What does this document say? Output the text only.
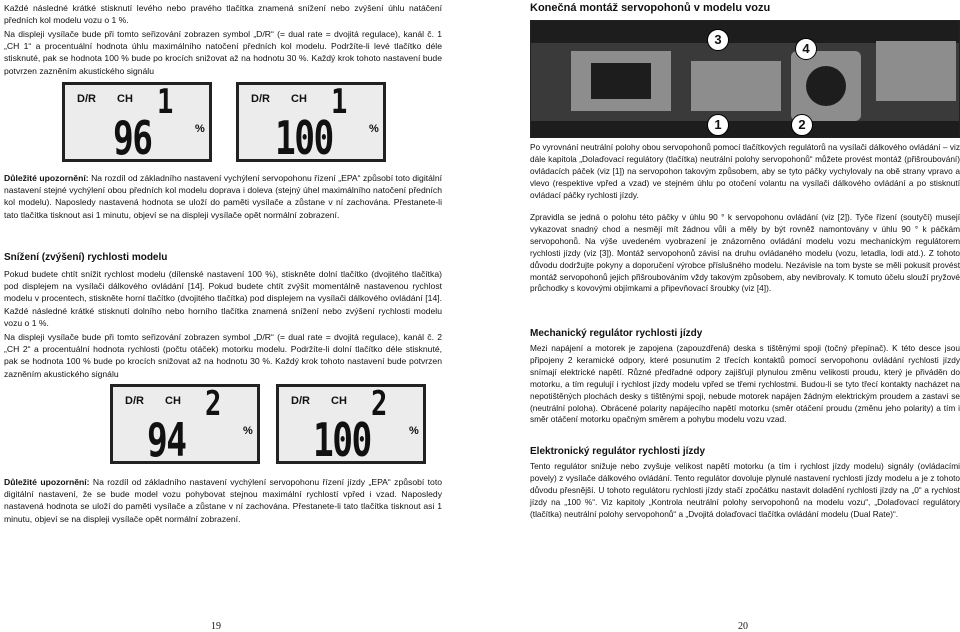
Každé následné krátké stisknutí levého nebo pravého tlačítka znamená snížení nebo zvýšení úhlu natáčení předních kol modelu vozu o 1 %.

Na displeji vysílače bude při tomto seřizování zobrazen symbol „D/R“ (= dual rate = dvojitá regulace), kanál č. 1 „CH 1“ a procentuální hodnota úhlu maximálního natočení předních kol modelu. Podržíte-li levé tlačítko déle stisknuté, pak se hodnota 100 % bude po krocích snižovat až na hodnotu 30 %. Každý krok tohoto nastavení bude potvrzen zazněním akustického signálu

D/R CH 1
96	%
D/R CH 1
100	%

Důležité upozornění: Na rozdíl od základního nastavení vychýlení servopohonu řízení „EPA“ způsobí toto digitální nastavení stejné vychýlení obou předních kol modelu doprava i doleva (stejný úhel maximálního natočení předních kol modelu). Naposledy nastavená hodnota se uloží do paměti vysílače a zůstane v ní zachována. Přestanete-li tato tlačítka tisknout asi 1 minutu, objeví se na displeji vysílače opět normální zobrazení.

Snížení (zvýšení) rychlosti modelu

Pokud budete chtít snížit rychlost modelu (dílenské nastavení 100 %), stiskněte dolní tlačítko (dvojitého tlačítka) pod displejem na vysílači dálkového ovládání [14]. Pokud budete chtít zvýšit momentálně nastavenou rychlost modelu v procentech, stiskněte horní tlačítko (dvojitého tlačítka) pod displejem na vysílači dálkového ovládání [14]. Každé následné krátké stisknutí dolního nebo horního tlačítka znamená snížení nebo zvýšení rychlosti modelu vozu o 1 %.

Na displeji vysílače bude při tomto seřizování zobrazen symbol „D/R“ (= dual rate = dvojitá regulace), kanál č. 2 „CH 2“ a procentuální hodnota rychlosti (počtu otáček) motorku modelu. Podržíte-li dolní tlačítko déle stisknuté, pak se hodnota 100 % bude po krocích snižovat až na hodnotu 30 %. Každý krok tohoto nastavení bude potvrzen zazněním akustického signálu

D/R CH 2
94	%
D/R CH 2
100	%

Důležité upozornění: Na rozdíl od základního nastavení vychýlení servopohonu řízení jízdy „EPA“ způsobí toto digitální nastavení, že se bude model vozu pohybovat stejnou maximální rychlostí vpřed i vzad. Naposledy nastavená hodnota se uloží do paměti vysílače a zůstane v ní zachována. Přestanete-li tato tlačítka tisknout asi 1 minutu, objeví se na displeji vysílače opět normální zobrazení.

19
Konečná montáž servopohonů v modelu vozu
3
4
1	2

Po vyrovnání neutrální polohy obou servopohonů pomocí tlačítkových regulátorů na vysílači dálkového ovládání – viz dále kapitola „Dolaďovací regulátory (tlačítka) neutrální polohy servopohonů“ můžete provést montáž (přišroubování) ovládacích páček (viz [1]) na servopohon takovým způsobem, aby se tyto páčky vychylovaly na obě strany vpravo a vlevo (respektive vpřed a vzad) ve stejném úhlu po otočení volantu na vysílači dálkového ovládání a po stisknutí ovládací páčky rychlosti jízdy.

Zpravidla se jedná o polohu této páčky v úhlu 90 ° k servopohonu ovládání (viz [2]). Tyče řízení (soutyčí) musejí vykazovat snadný chod a nesmějí mít žádnou vůli a měly by být rovněž namontovány v úhlu 90 ° k páčkám servopohonů. Na výše uvedeném vyobrazení je znázorněno ovládání modelu vozu mechanickým regulátorem rychlosti jízdy (viz [3]). Montáž servopohonů závisí na druhu ovládaného modelu (vozu, letadla, lodi atd.). Z tohoto důvodu dodržujte pokyny a doporučení výrobce příslušného modelu. Nezávisle na tom byste se měli pokusit provést montáž servopohonů jejich přišroubováním vždy takovým způsobem, aby nevibrovaly. K tomuto účelu slouží pryžové průchodky s kovovými objímkami a připevňovací šroubky (viz [4]).

Mechanický regulátor rychlosti jízdy

Mezi napájení a motorek je zapojena (zapouzdřená) deska s tištěnými spoji (točný přepínač). K této desce jsou připojeny 2 keramické odpory, které posunutím 2 třecích kontaktů pomocí servopohonu ovládání rychlosti jízdy snímají elektrické napětí. Různé předřadné odpory zajišťují plynulou změnu velikosti proudu, který je přiváděn do motorku, a tím regulují i rychlost jízdy modelu vpřed se třemi rychlostmi. Budou-li se tyto třecí kontakty nacházet na nepotištěných plochách desky s tištěnými spoji, nebude motorek napájen žádným elektrickým proudem a zastaví se (neutrální poloha). Obrácené polarity napájecího napětí motorku (směr otáčení proudu (změnu jeho polarity) a tím i směr otáčení motorku opačným směrem a pohybu modelu vozu vzad.

Elektronický regulátor rychlosti jízdy

Tento regulátor snižuje nebo zvyšuje velikost napětí motorku (a tím i rychlost jízdy modelu) signály (ovládacími povely) z vysílače dálkového ovládání. Tento regulátor dovoluje plynulé nastavení rychlosti jízdy modelu a je z tohoto důvodu přesnější. U tohoto regulátoru rychlosti jízdy stačí zpočátku nastavit doladění rychlosti jízdy na „0“ a rychlost jízdy na „100 %“. Viz kapitoly „Kontrola neutrální polohy servopohonů na modelu vozu“, „Dolaďovací regulátory (tlačítka) neutrální polohy servopohonů“ a „Dvojitá dolaďovací tlačítka ovládání modelu (Dual Rate)“.

20
